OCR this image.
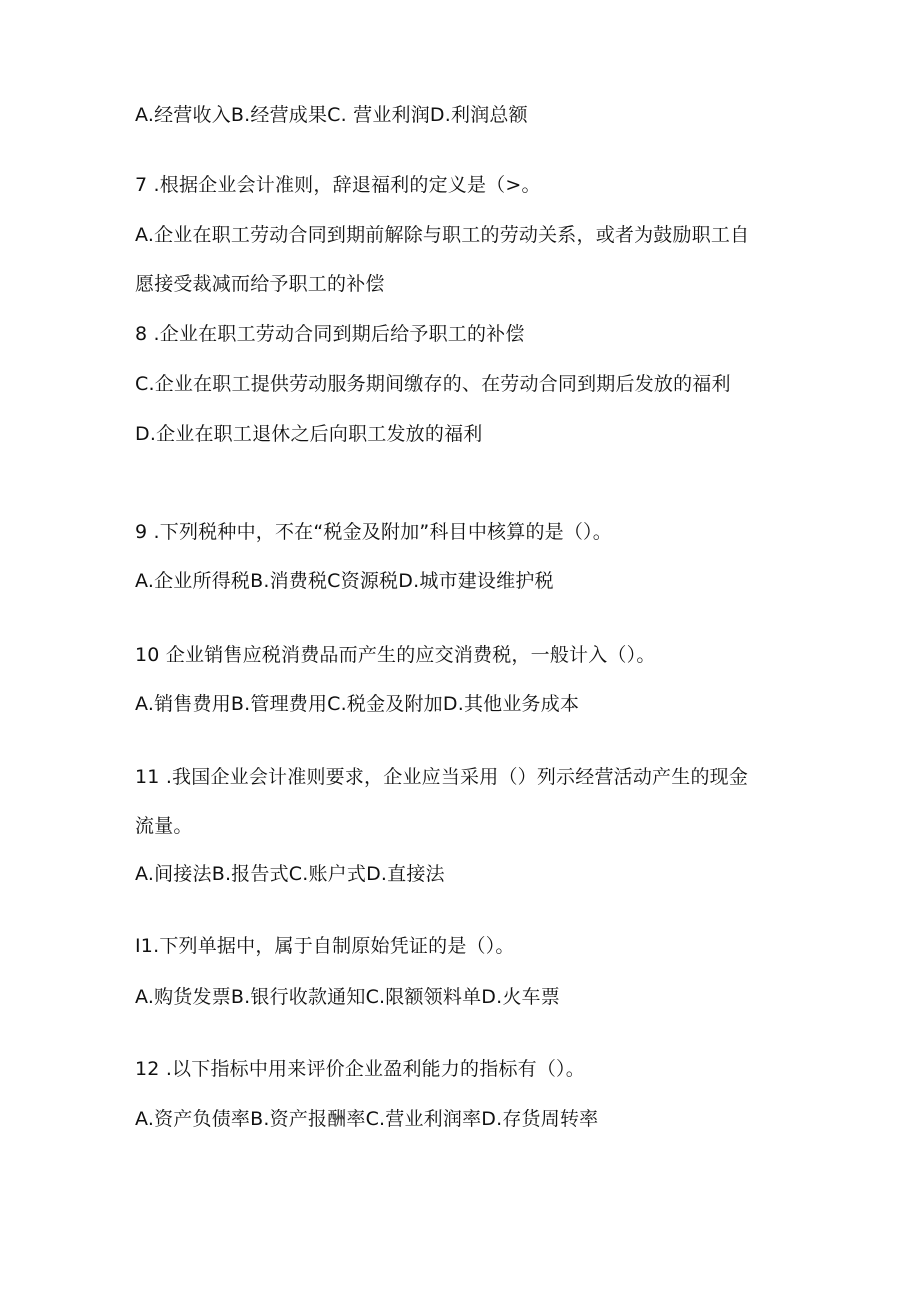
A.经营收入B.经营成果C. 营业利润D.利润总额
7 .根据企业会计准则，辞退福利的定义是（>。
A.企业在职工劳动合同到期前解除与职工的劳动关系，或者为鼓励职工自
愿接受裁减而给予职工的补偿
8 .企业在职工劳动合同到期后给予职工的补偿
C.企业在职工提供劳动服务期间缴存的、在劳动合同到期后发放的福利
D.企业在职工退休之后向职工发放的福利
9 .下列税种中，不在“税金及附加”科目中核算的是（）。
A.企业所得税B.消费税C资源税D.城市建设维护税
10 企业销售应税消费品而产生的应交消费税，一般计入（）。
A.销售费用B.管理费用C.税金及附加D.其他业务成本
11 .我国企业会计准则要求，企业应当采用（）列示经营活动产生的现金
流量。
A.间接法B.报告式C.账户式D.直接法
I1.下列单据中，属于自制原始凭证的是（）。
A.购货发票B.银行收款通知C.限额领料单D.火车票
12 .以下指标中用来评价企业盈利能力的指标有（）。
A.资产负债率B.资产报酬率C.营业利润率D.存货周转率
